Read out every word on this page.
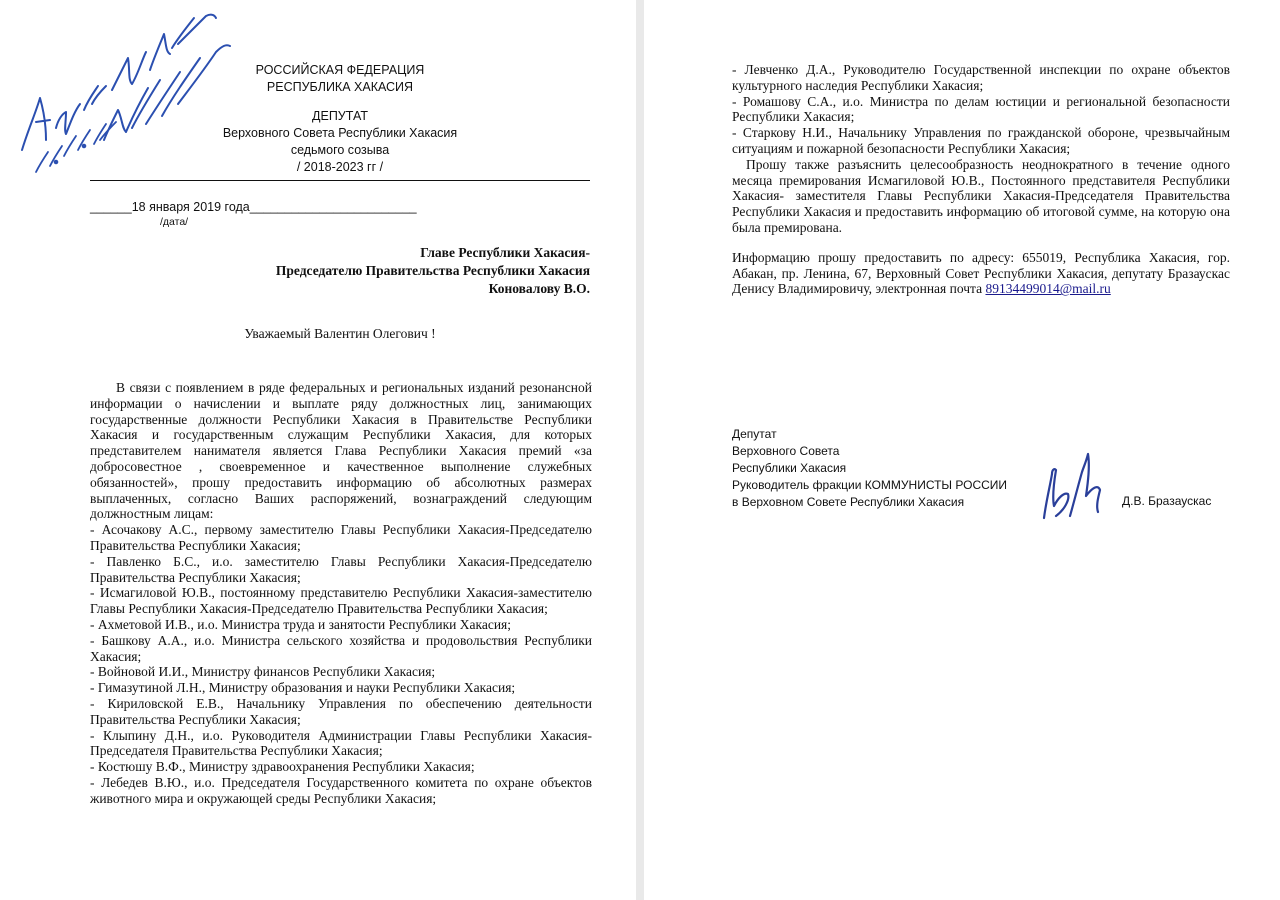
РОССИЙСКАЯ ФЕДЕРАЦИЯ
РЕСПУБЛИКА ХАКАСИЯ
ДЕПУТАТ
Верховного Совета Республики Хакасия
седьмого созыва
/ 2018-2023 гг /
______18 января 2019 года________________________
/дата/
Главе Республики Хакасия-
Председателю Правительства Республики Хакасия
Коновалову В.О.
Уважаемый Валентин Олегович !

В связи с появлением в ряде федеральных и региональных изданий резонансной информации о начислении и выплате ряду должностных лиц, занимающих государственные должности Республики Хакасия в Правительстве Республики Хакасия и государственным служащим Республики Хакасия, для которых представителем нанимателя является Глава Республики Хакасия премий «за добросовестное , своевременное и качественное выполнение служебных обязанностей», прошу предоставить информацию об абсолютных размерах выплаченных, согласно Ваших распоряжений, вознаграждений следующим должностным лицам:

- Асочакову А.С., первому заместителю Главы Республики Хакасия-Председателю Правительства Республики Хакасия;

- Павленко Б.С., и.о. заместителю Главы Республики Хакасия-Председателю Правительства Республики Хакасия;

- Исмагиловой Ю.В., постоянному представителю Республики Хакасия-заместителю Главы Республики Хакасия-Председателю Правительства Республики Хакасия;

- Ахметовой И.В., и.о. Министра труда и занятости Республики Хакасия;

- Башкову А.А., и.о. Министра сельского хозяйства и продовольствия Республики Хакасия;

- Войновой И.И., Министру финансов Республики Хакасия;

- Гимазутиной Л.Н., Министру образования и науки Республики Хакасия;

- Кириловской Е.В., Начальнику Управления по обеспечению деятельности Правительства Республики Хакасия;

- Клыпину Д.Н., и.о. Руководителя Администрации Главы Республики Хакасия-Председателя Правительства Республики Хакасия;

- Костюшу В.Ф., Министру здравоохранения Республики Хакасия;

- Лебедев В.Ю., и.о. Председателя Государственного комитета по охране объектов животного мира и окружающей среды Республики Хакасия;

- Левченко Д.А., Руководителю Государственной инспекции по охране объектов культурного наследия Республики Хакасия;

- Ромашову С.А., и.о. Министра по делам юстиции и региональной безопасности Республики Хакасия;

- Старкову Н.И., Начальнику Управления по гражданской обороне, чрезвычайным ситуациям и пожарной безопасности Республики Хакасия;

Прошу также разъяснить целесообразность неоднократного в течение одного месяца премирования Исмагиловой Ю.В., Постоянного представителя Республики Хакасия- заместителя Главы Республики Хакасия-Председателя Правительства Республики Хакасия и предоставить информацию об итоговой сумме, на которую она была премирована.

Информацию прошу предоставить по адресу: 655019, Республика Хакасия, гор. Абакан, пр. Ленина, 67, Верховный Совет Республики Хакасия, депутату Бразаускас Денису Владимировичу, электронная почта 89134499014@mail.ru

Депутат
Верховного Совета
Республики Хакасия
Руководитель фракции КОММУНИСТЫ РОССИИ
в Верховном Совете Республики Хакасия	Д.В. Бразаускас
